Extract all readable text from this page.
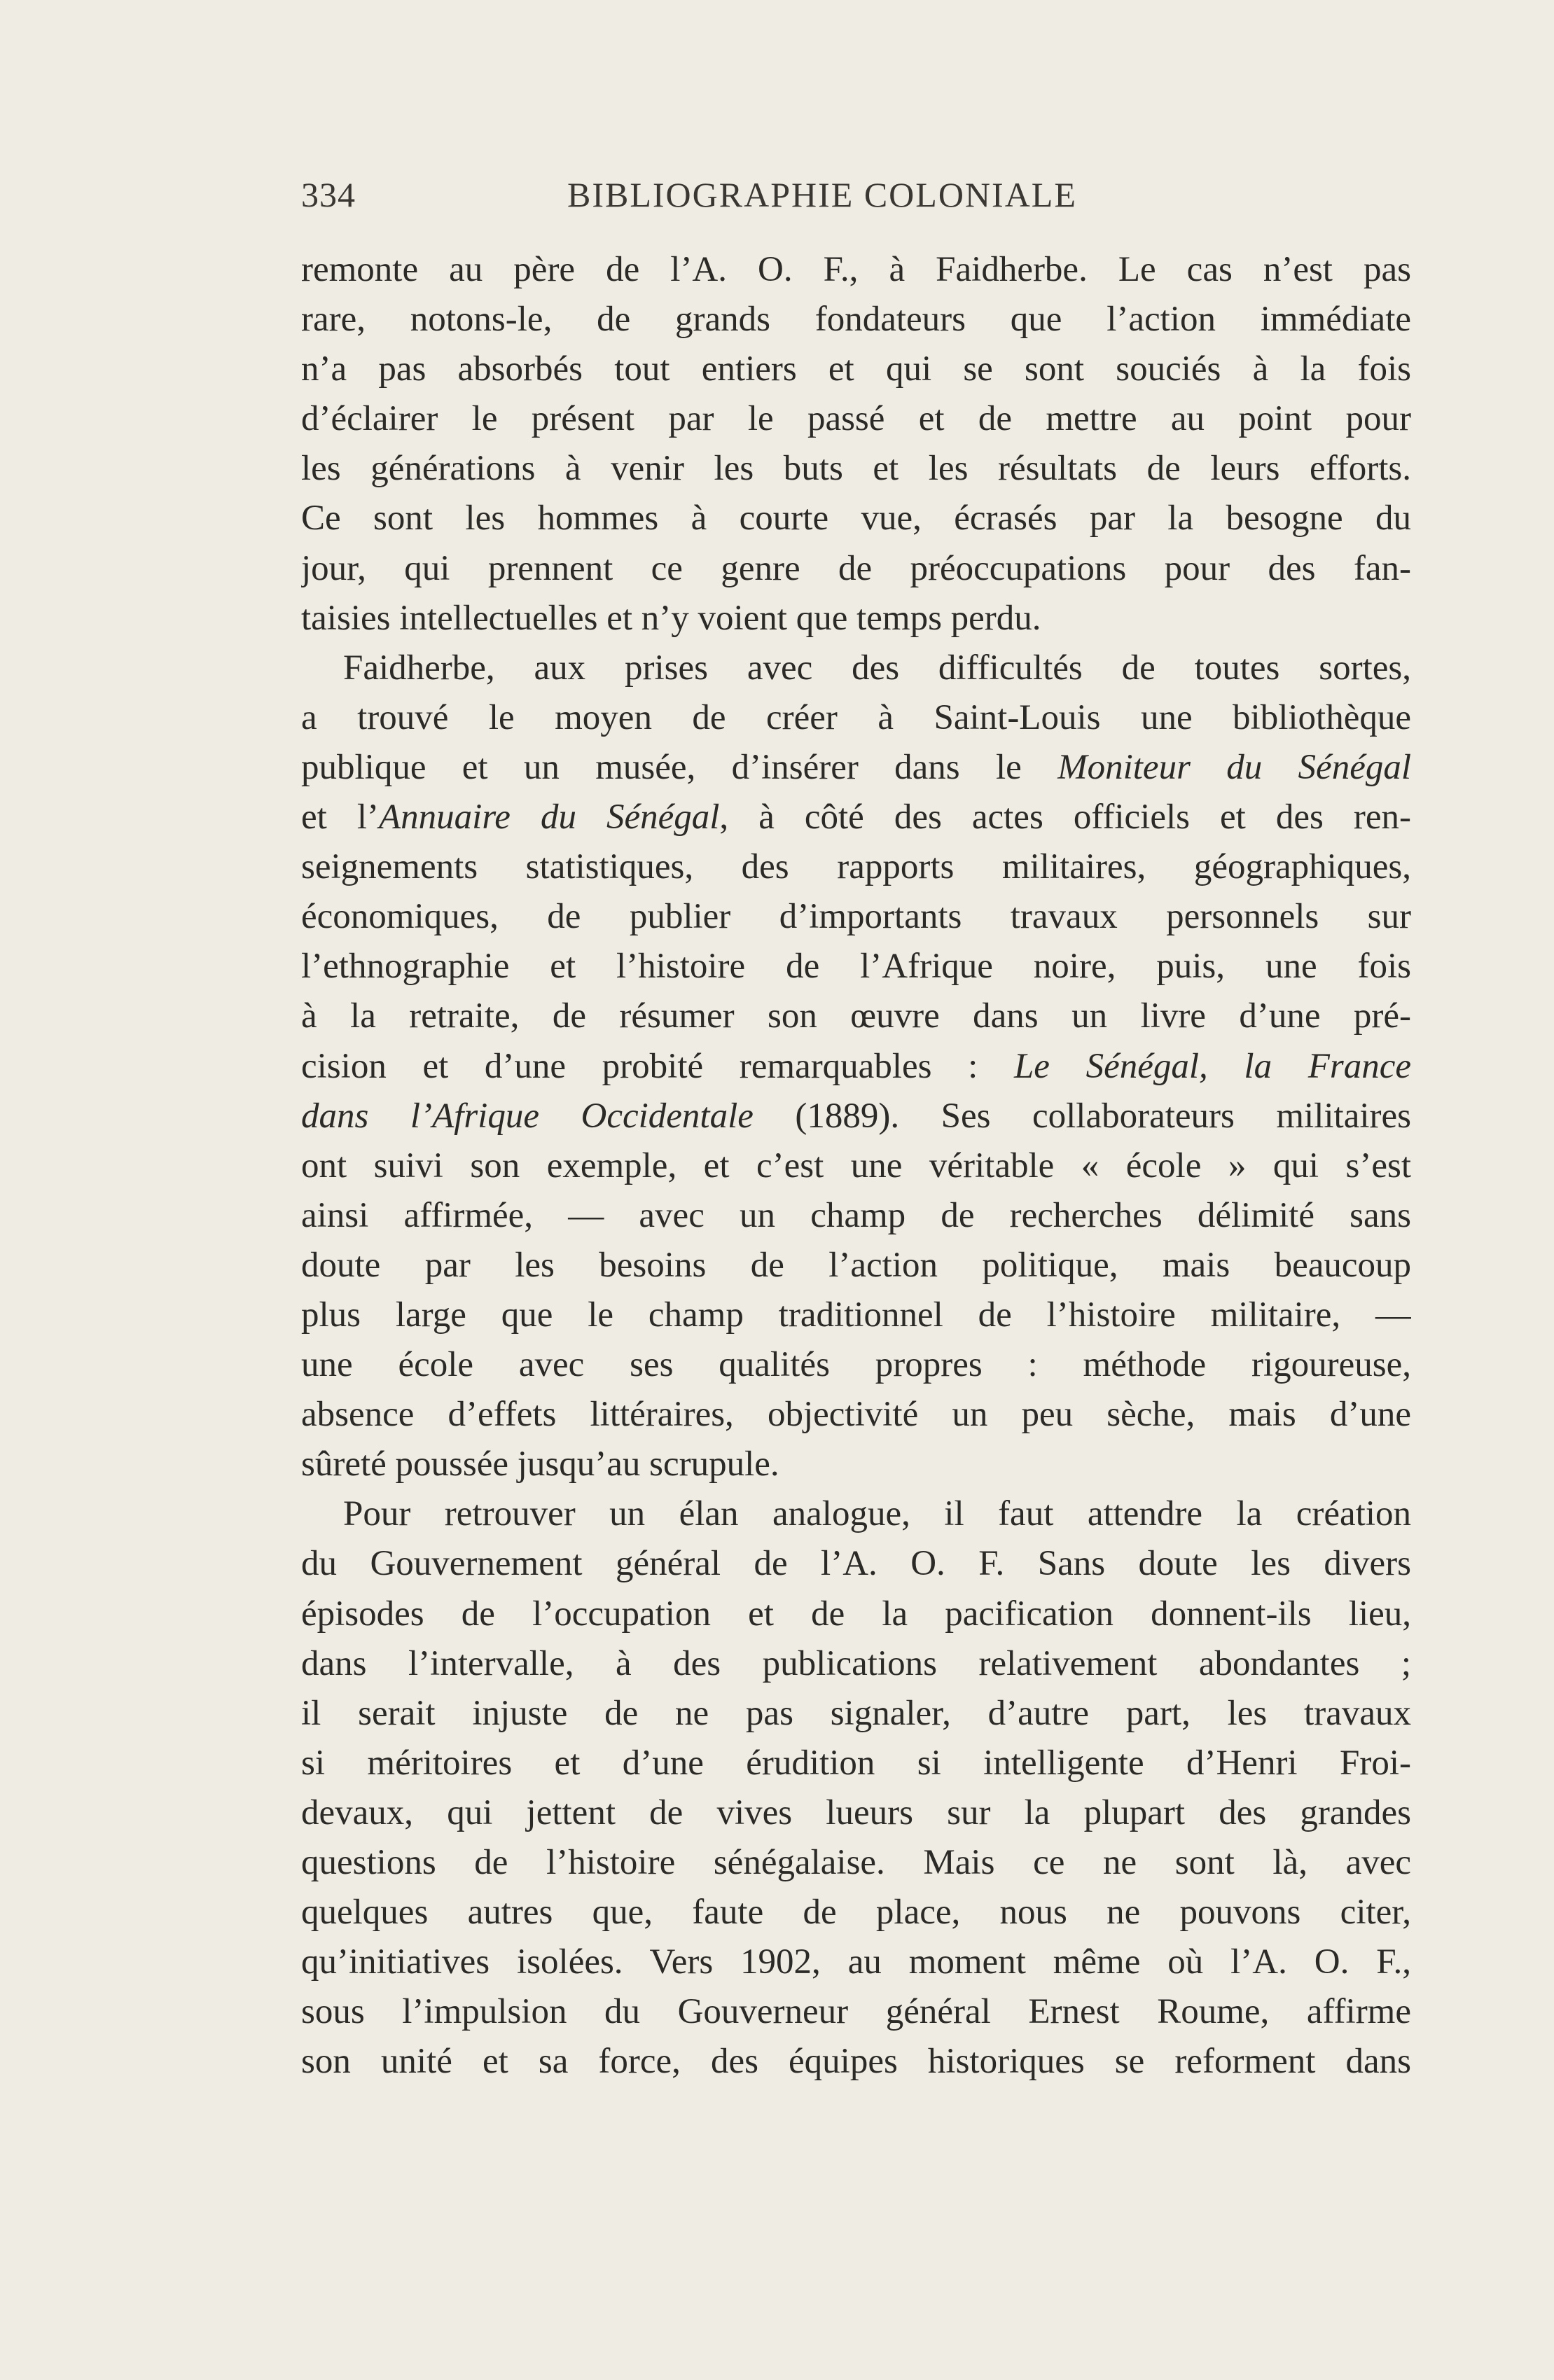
334	BIBLIOGRAPHIE COLONIALE
remonte au père de l’A. O. F., à Faidherbe. Le cas n’est pas
rare, notons-le, de grands fondateurs que l’action immédiate
n’a pas absorbés tout entiers et qui se sont souciés à la fois
d’éclairer le présent par le passé et de mettre au point pour
les générations à venir les buts et les résultats de leurs efforts.
Ce sont les hommes à courte vue, écrasés par la besogne du
jour, qui prennent ce genre de préoccupations pour des fan-
taisies intellectuelles et n’y voient que temps perdu.
Faidherbe, aux prises avec des difficultés de toutes sortes,
a trouvé le moyen de créer à Saint-Louis une bibliothèque
publique et un musée, d’insérer dans le Moniteur du Sénégal
et l’Annuaire du Sénégal, à côté des actes officiels et des ren-
seignements statistiques, des rapports militaires, géographiques,
économiques, de publier d’importants travaux personnels sur
l’ethnographie et l’histoire de l’Afrique noire, puis, une fois
à la retraite, de résumer son œuvre dans un livre d’une pré-
cision et d’une probité remarquables : Le Sénégal, la France
dans l’Afrique Occidentale (1889). Ses collaborateurs militaires
ont suivi son exemple, et c’est une véritable « école » qui s’est
ainsi affirmée, — avec un champ de recherches délimité sans
doute par les besoins de l’action politique, mais beaucoup
plus large que le champ traditionnel de l’histoire militaire, —
une école avec ses qualités propres : méthode rigoureuse,
absence d’effets littéraires, objectivité un peu sèche, mais d’une
sûreté poussée jusqu’au scrupule.
Pour retrouver un élan analogue, il faut attendre la création
du Gouvernement général de l’A. O. F. Sans doute les divers
épisodes de l’occupation et de la pacification donnent-ils lieu,
dans l’intervalle, à des publications relativement abondantes ;
il serait injuste de ne pas signaler, d’autre part, les travaux
si méritoires et d’une érudition si intelligente d’Henri Froi-
devaux, qui jettent de vives lueurs sur la plupart des grandes
questions de l’histoire sénégalaise. Mais ce ne sont là, avec
quelques autres que, faute de place, nous ne pouvons citer,
qu’initiatives isolées. Vers 1902, au moment même où l’A. O. F.,
sous l’impulsion du Gouverneur général Ernest Roume, affirme
son unité et sa force, des équipes historiques se reforment dans
